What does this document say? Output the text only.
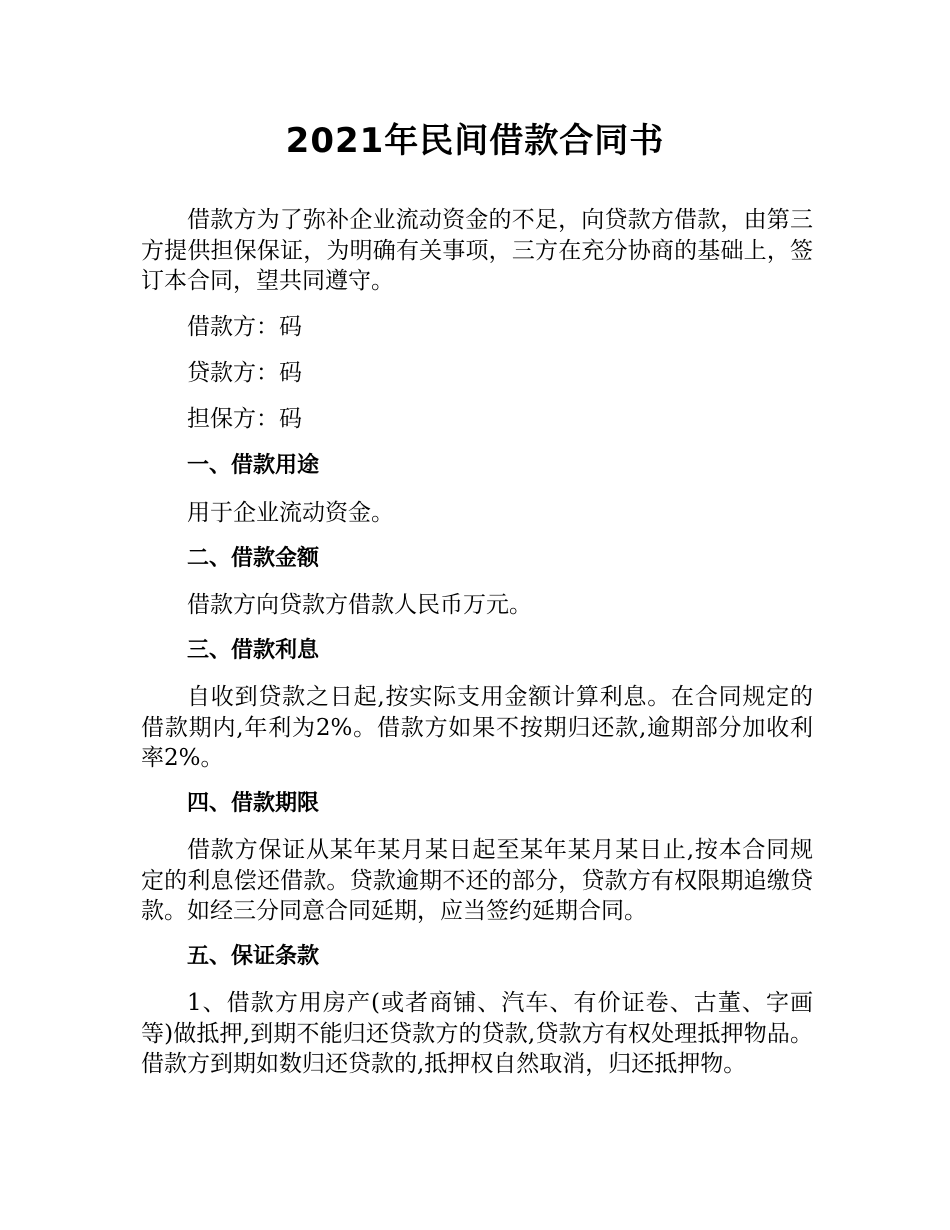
2021年民间借款合同书

借款方为了弥补企业流动资金的不足，向贷款方借款，由第三方提供担保保证，为明确有关事项，三方在充分协商的基础上，签订本合同，望共同遵守。

借款方：码

贷款方：码

担保方：码

一、借款用途

用于企业流动资金。

二、借款金额

借款方向贷款方借款人民币万元。

三、借款利息

自收到贷款之日起,按实际支用金额计算利息。在合同规定的借款期内,年利为2%。借款方如果不按期归还款,逾期部分加收利率2%。

四、借款期限

借款方保证从某年某月某日起至某年某月某日止,按本合同规定的利息偿还借款。贷款逾期不还的部分，贷款方有权限期追缴贷款。如经三分同意合同延期，应当签约延期合同。

五、保证条款

1、借款方用房产(或者商铺、汽车、有价证卷、古董、字画等)做抵押,到期不能归还贷款方的贷款,贷款方有权处理抵押物品。借款方到期如数归还贷款的,抵押权自然取消，归还抵押物。
